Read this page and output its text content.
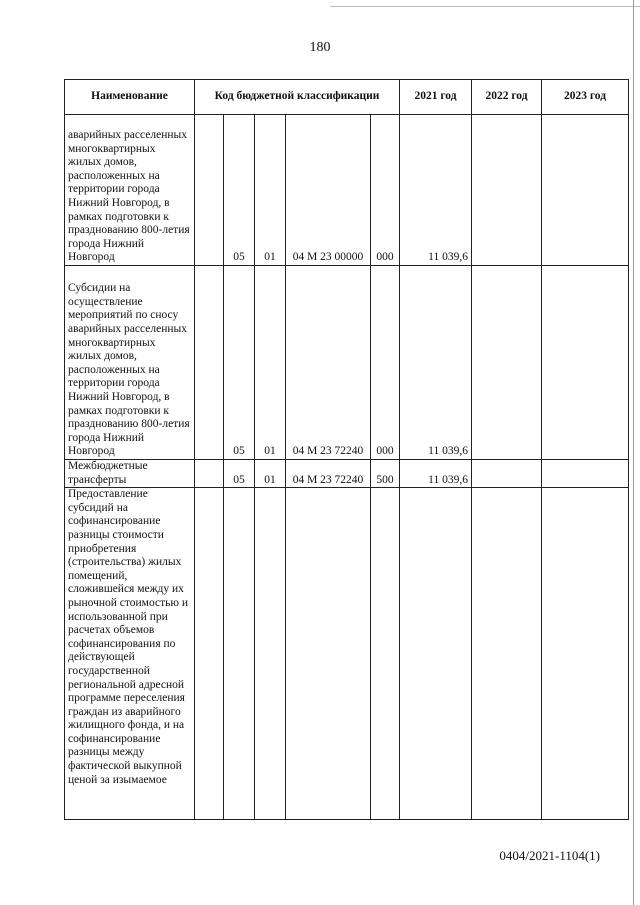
180
Наименование	Код бюджетной классификации					2021 год	2022 год	2023 год
аварийных расселенных многоквартирных жилых домов, расположенных на территории города Нижний Новгород, в рамках подготовки к празднованию 800-летия города Нижний Новгород		05	01	04 М 23 00000	000	11 039,6		
Субсидии на осуществление мероприятий по сносу аварийных расселенных многоквартирных жилых домов, расположенных на территории города Нижний Новгород, в рамках подготовки к празднованию 800-летия города Нижний Новгород		05	01	04 М 23 72240	000	11 039,6		
Межбюджетные трансферты		05	01	04 М 23 72240	500	11 039,6		
Предоставление субсидий на софинансирование разницы стоимости приобретения (строительства) жилых помещений, сложившейся между их рыночной стоимостью и использованной при расчетах объемов софинансирования по действующей государственной региональной адресной программе переселения граждан из аварийного жилищного фонда, и на софинансирование разницы между фактической выкупной ценой за изымаемое								
0404/2021-1104(1)
